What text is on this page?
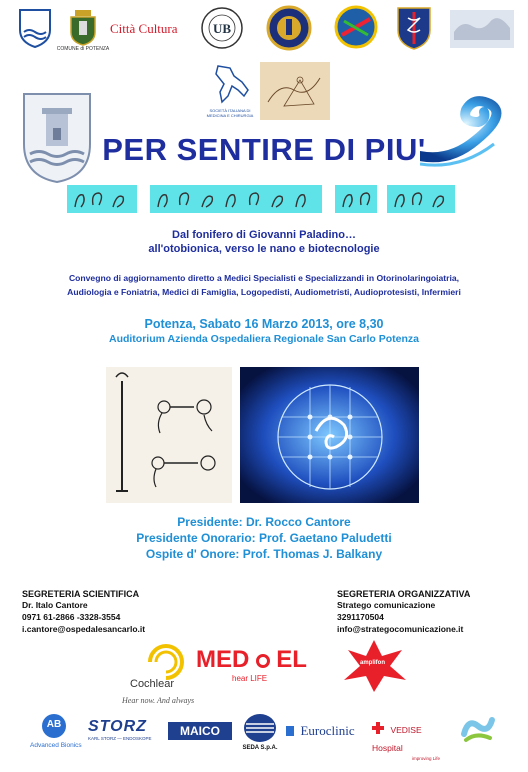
COMUNE di POTENZA
Città Cultura	UB
SOCIETÀ ITALIANA DI MEDICINA E CHIRURGIA
PER SENTIRE DI PIU'
Dal fonifero di Giovanni Paladino…
all'otobionica, verso le nano e biotecnologie
Convegno di aggiornamento diretto a Medici Specialisti e Specializzandi in Otorinolaringoiatria,
Audiologia e Foniatria, Medici di Famiglia, Logopedisti, Audiometristi, Audioprotesisti, Infermieri
Potenza, Sabato 16 Marzo 2013, ore 8,30
Auditorium Azienda Ospedaliera Regionale San Carlo Potenza
Presidente: Dr. Rocco Cantore
Presidente Onorario: Prof. Gaetano Paludetti
Ospite d' Onore: Prof. Thomas J. Balkany
SEGRETERIA SCIENTIFICA
Dr. Italo Cantore
0971 61-2866 -3328-3554
i.cantore@ospedalesancarlo.it
SEGRETERIA ORGANIZZATIVA
Stratego comunicazione
3291170504
info@strategocomunicazione.it
Cochlear
Hear now. And always
MED EL
hear LIFE
amplifon
AB
Advanced Bionics
STORZ
KARL STORZ — ENDOSKOPE
MAICO
SEDA S.p.A.
Euroclinic	VEDISE Hospital
improving Life
